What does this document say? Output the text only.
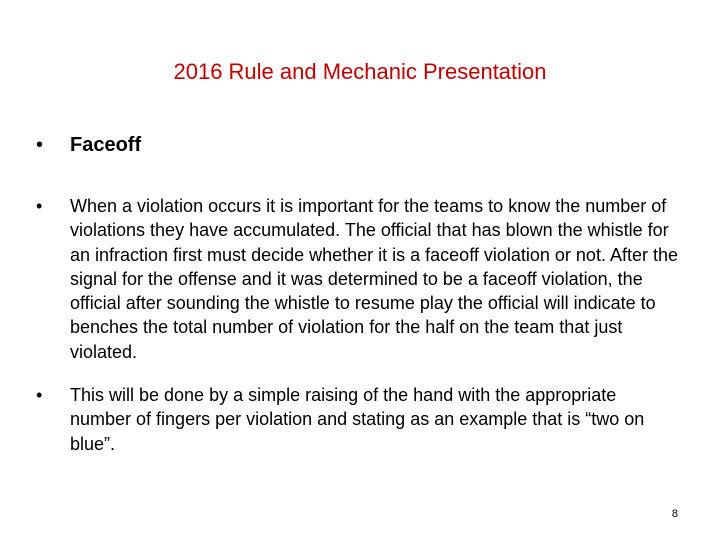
2016 Rule and Mechanic Presentation
• Faceoff
•	When a violation occurs it is important for the teams to know the number of violations they have accumulated. The official that has blown the whistle for an infraction first must decide whether it is a faceoff violation or not. After the signal for the offense and it was determined to be a faceoff violation, the official after sounding the whistle to resume play the official will indicate to benches the total number of violation for the half on the team that just violated.
•	This will be done by a simple raising of the hand with the appropriate number of fingers per violation and stating as an example that is “two on blue”.
8
